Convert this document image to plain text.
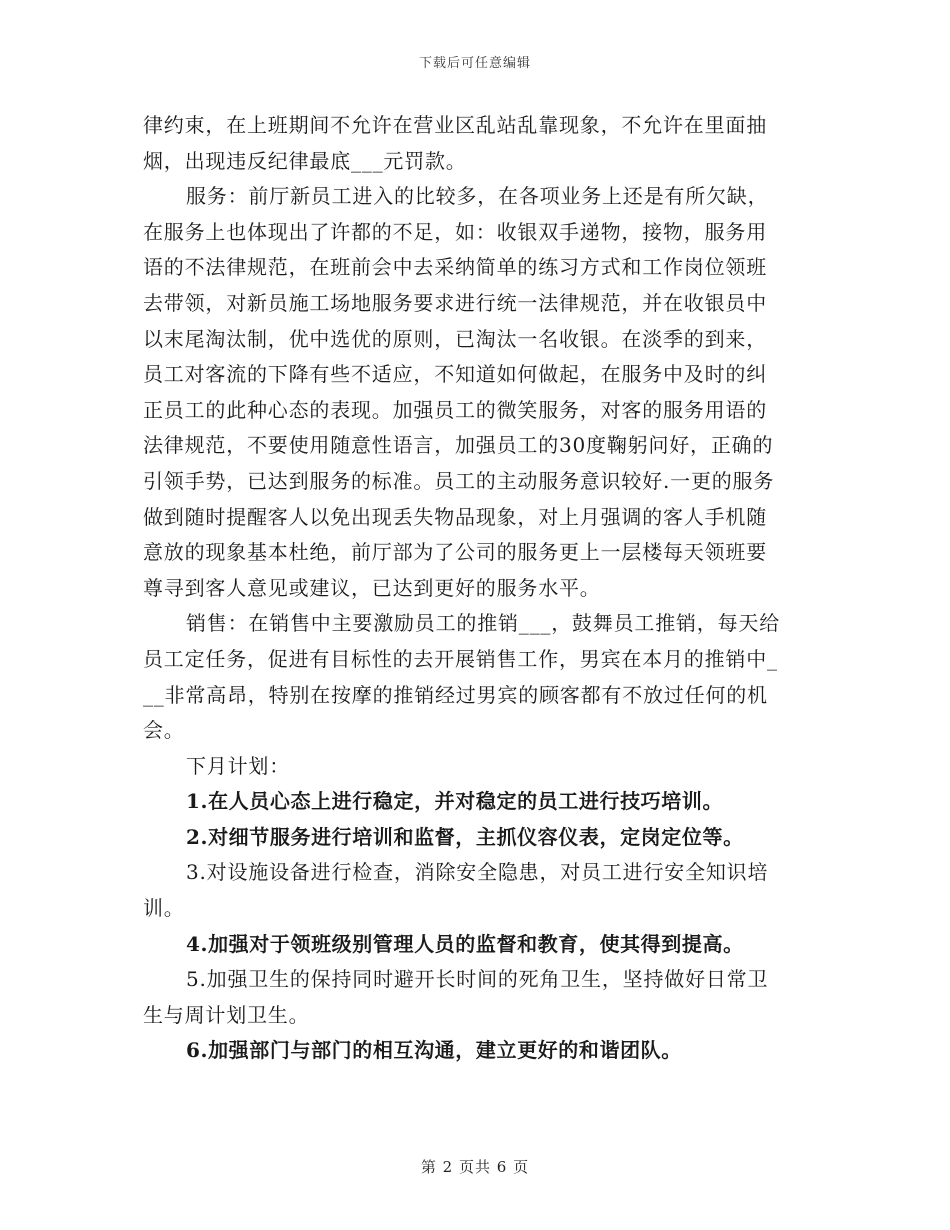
下载后可任意编辑
律约束，在上班期间不允许在营业区乱站乱靠现象，不允许在里面抽
烟，出现违反纪律最底___元罚款。
服务：前厅新员工进入的比较多，在各项业务上还是有所欠缺，
在服务上也体现出了许都的不足，如：收银双手递物，接物，服务用
语的不法律规范，在班前会中去采纳简单的练习方式和工作岗位领班
去带领，对新员施工场地服务要求进行统一法律规范，并在收银员中
以末尾淘汰制，优中选优的原则，已淘汰一名收银。在淡季的到来，
员工对客流的下降有些不适应，不知道如何做起，在服务中及时的纠
正员工的此种心态的表现。加强员工的微笑服务，对客的服务用语的
法律规范，不要使用随意性语言，加强员工的30度鞠躬问好，正确的
引领手势，已达到服务的标准。员工的主动服务意识较好.一更的服务
做到随时提醒客人以免出现丢失物品现象，对上月强调的客人手机随
意放的现象基本杜绝，前厅部为了公司的服务更上一层楼每天领班要
尊寻到客人意见或建议，已达到更好的服务水平。
销售：在销售中主要激励员工的推销___，鼓舞员工推销，每天给
员工定任务，促进有目标性的去开展销售工作，男宾在本月的推销中_
__非常高昂，特别在按摩的推销经过男宾的顾客都有不放过任何的机
会。
下月计划：
1.在人员心态上进行稳定，并对稳定的员工进行技巧培训。
2.对细节服务进行培训和监督，主抓仪容仪表，定岗定位等。
3.对设施设备进行检查，消除安全隐患，对员工进行安全知识培
训。
4.加强对于领班级别管理人员的监督和教育，使其得到提高。
5.加强卫生的保持同时避开长时间的死角卫生，坚持做好日常卫
生与周计划卫生。
6.加强部门与部门的相互沟通，建立更好的和谐团队。
第 2 页共 6 页
